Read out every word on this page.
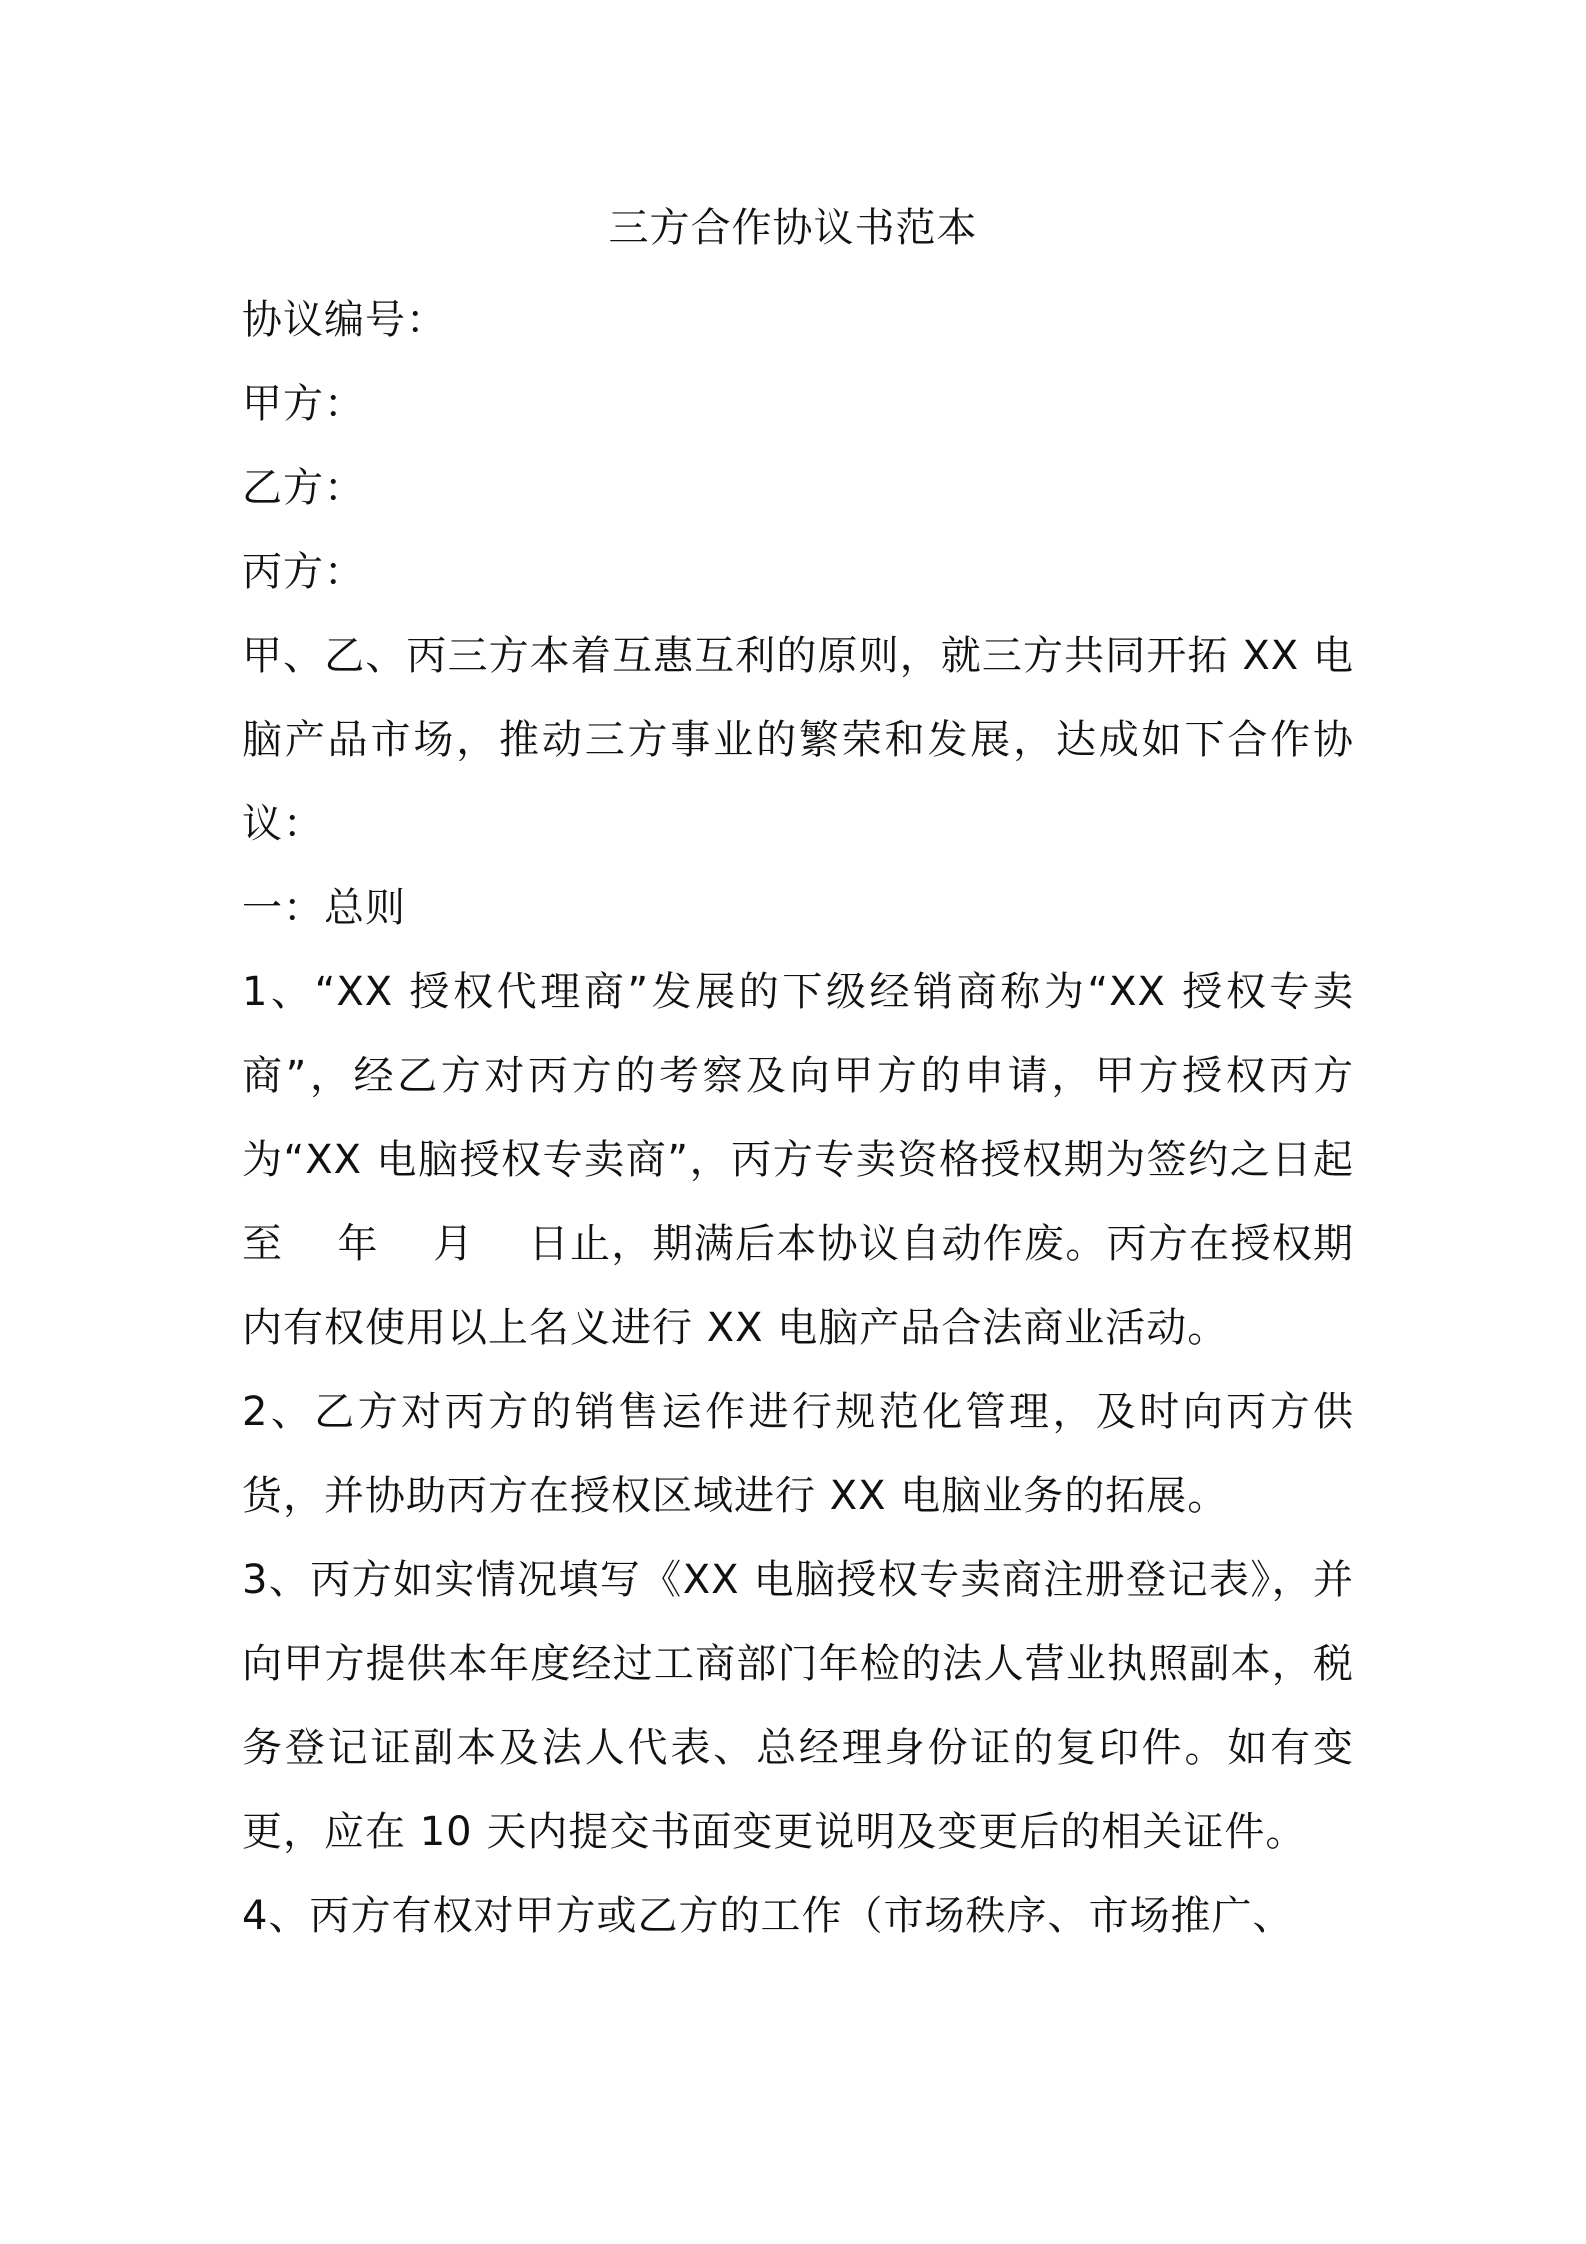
三方合作协议书范本

协议编号：

甲方：

乙方：

丙方：

甲、乙、丙三方本着互惠互利的原则，就三方共同开拓 XX 电脑产品市场，推动三方事业的繁荣和发展，达成如下合作协议：

一：总则

1、“XX 授权代理商”发展的下级经销商称为“XX 授权专卖商”，经乙方对丙方的考察及向甲方的申请，甲方授权丙方为“XX 电脑授权专卖商”，丙方专卖资格授权期为签约之日起至 年 月 日止，期满后本协议自动作废。丙方在授权期内有权使用以上名义进行 XX 电脑产品合法商业活动。

2、乙方对丙方的销售运作进行规范化管理，及时向丙方供货，并协助丙方在授权区域进行 XX 电脑业务的拓展。

3、丙方如实情况填写《XX 电脑授权专卖商注册登记表》，并向甲方提供本年度经过工商部门年检的法人营业执照副本，税务登记证副本及法人代表、总经理身份证的复印件。如有变更，应在 10 天内提交书面变更说明及变更后的相关证件。

4、丙方有权对甲方或乙方的工作（市场秩序、市场推广、
